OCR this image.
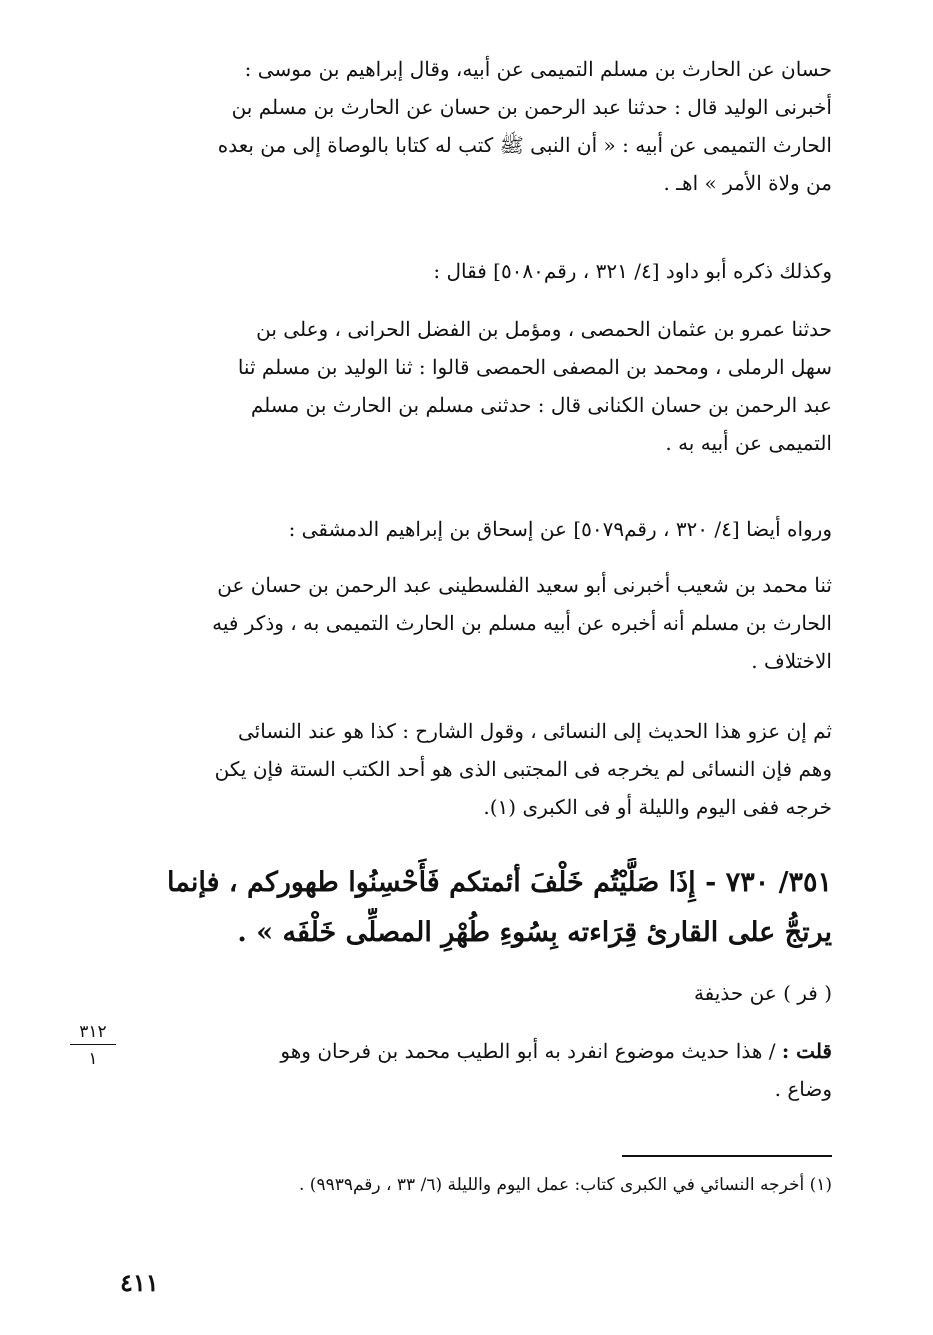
حسان عن الحارث بن مسلم التميمى عن أبيه، وقال إبراهيم بن موسى :
أخبرنى الوليد قال : حدثنا عبد الرحمن بن حسان عن الحارث بن مسلم بن
الحارث التميمى عن أبيه : « أن النبى ﷺ كتب له كتابا بالوصاة إلى من بعده
من ولاة الأمر » اهـ .
وكذلك ذكره أبو داود [٤/ ٣٢١ ، رقم٥٠٨٠] فقال :
حدثنا عمرو بن عثمان الحمصى ، ومؤمل بن الفضل الحرانى ، وعلى بن
سهل الرملى ، ومحمد بن المصفى الحمصى قالوا : ثنا الوليد بن مسلم ثنا
عبد الرحمن بن حسان الكنانى قال : حدثنى مسلم بن الحارث بن مسلم
التميمى عن أبيه به .
ورواه أيضا [٤/ ٣٢٠ ، رقم٥٠٧٩] عن إسحاق بن إبراهيم الدمشقى :
ثنا محمد بن شعيب أخبرنى أبو سعيد الفلسطينى عبد الرحمن بن حسان عن
الحارث بن مسلم أنه أخبره عن أبيه مسلم بن الحارث التميمى به ، وذكر فيه
الاختلاف .
ثم إن عزو هذا الحديث إلى النسائى ، وقول الشارح : كذا هو عند النسائى
وهم فإن النسائى لم يخرجه فى المجتبى الذى هو أحد الكتب الستة فإن يكن
خرجه ففى اليوم والليلة أو فى الكبرى (١).
٣٥١/ ٧٣٠ - إِذَا صَلَّيْتُم خَلْفَ أئمتكم فَأَحْسِنُوا طهوركم ، فإنما
يرتجُّ على القارئ قِرَاءته بِسُوءِ طُهْرِ المصلِّى خَلْفَه » .
( فر ) عن حذيفة
قلت : / هذا حديث موضوع انفرد به أبو الطيب محمد بن فرحان وهو
وضاع .
٣١٢
١
(١) أخرجه النسائي في الكبرى كتاب: عمل اليوم والليلة (٦/ ٣٣ ، رقم٩٩٣٩) .
٤١١
